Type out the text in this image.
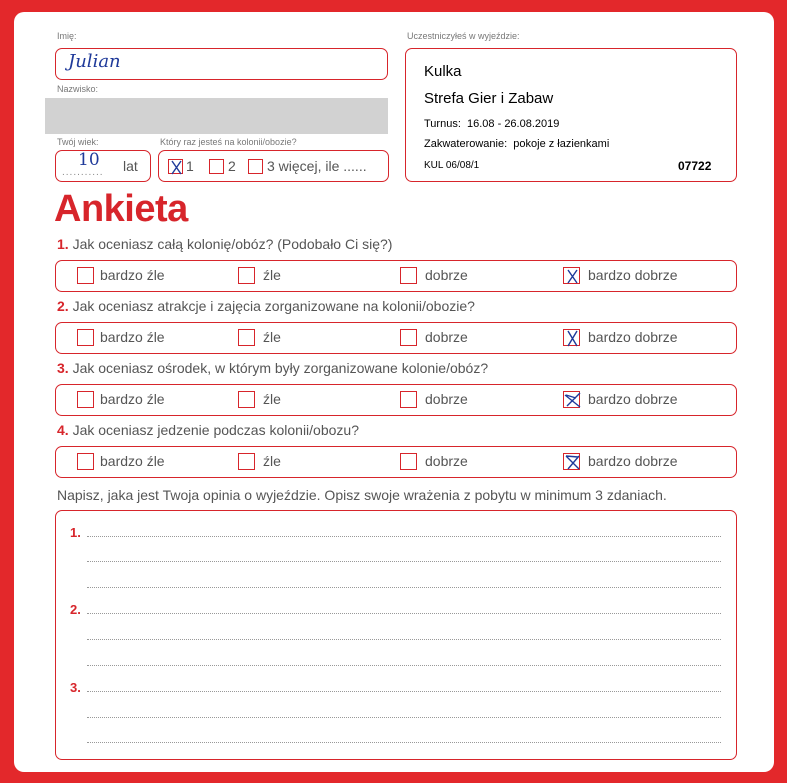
Imię:
Julian
Nazwisko:
Twój wiek:
...........
10 lat
Który raz jesteś na kolonii/obozie?
1 2 3 więcej, ile ......
Uczestniczyłeś w wyjeździe:
Kulka
Strefa Gier i Zabaw
Turnus: 16.08 - 26.08.2019
Zakwaterowanie: pokoje z łazienkami
KUL 06/08/1	07722
Ankieta
1. Jak oceniasz całą kolonię/obóz? (Podobało Ci się?)
bardzo źle	źle	dobrze	bardzo dobrze
2. Jak oceniasz atrakcje i zajęcia zorganizowane na kolonii/obozie?
bardzo źle	źle	dobrze	bardzo dobrze
3. Jak oceniasz ośrodek, w którym były zorganizowane kolonie/obóz?
bardzo źle	źle	dobrze	bardzo dobrze
4. Jak oceniasz jedzenie podczas kolonii/obozu?
bardzo źle	źle	dobrze	bardzo dobrze
Napisz, jaka jest Twoja opinia o wyjeździe. Opisz swoje wrażenia z pobytu w minimum 3 zdaniach.
1.
2.
3.
